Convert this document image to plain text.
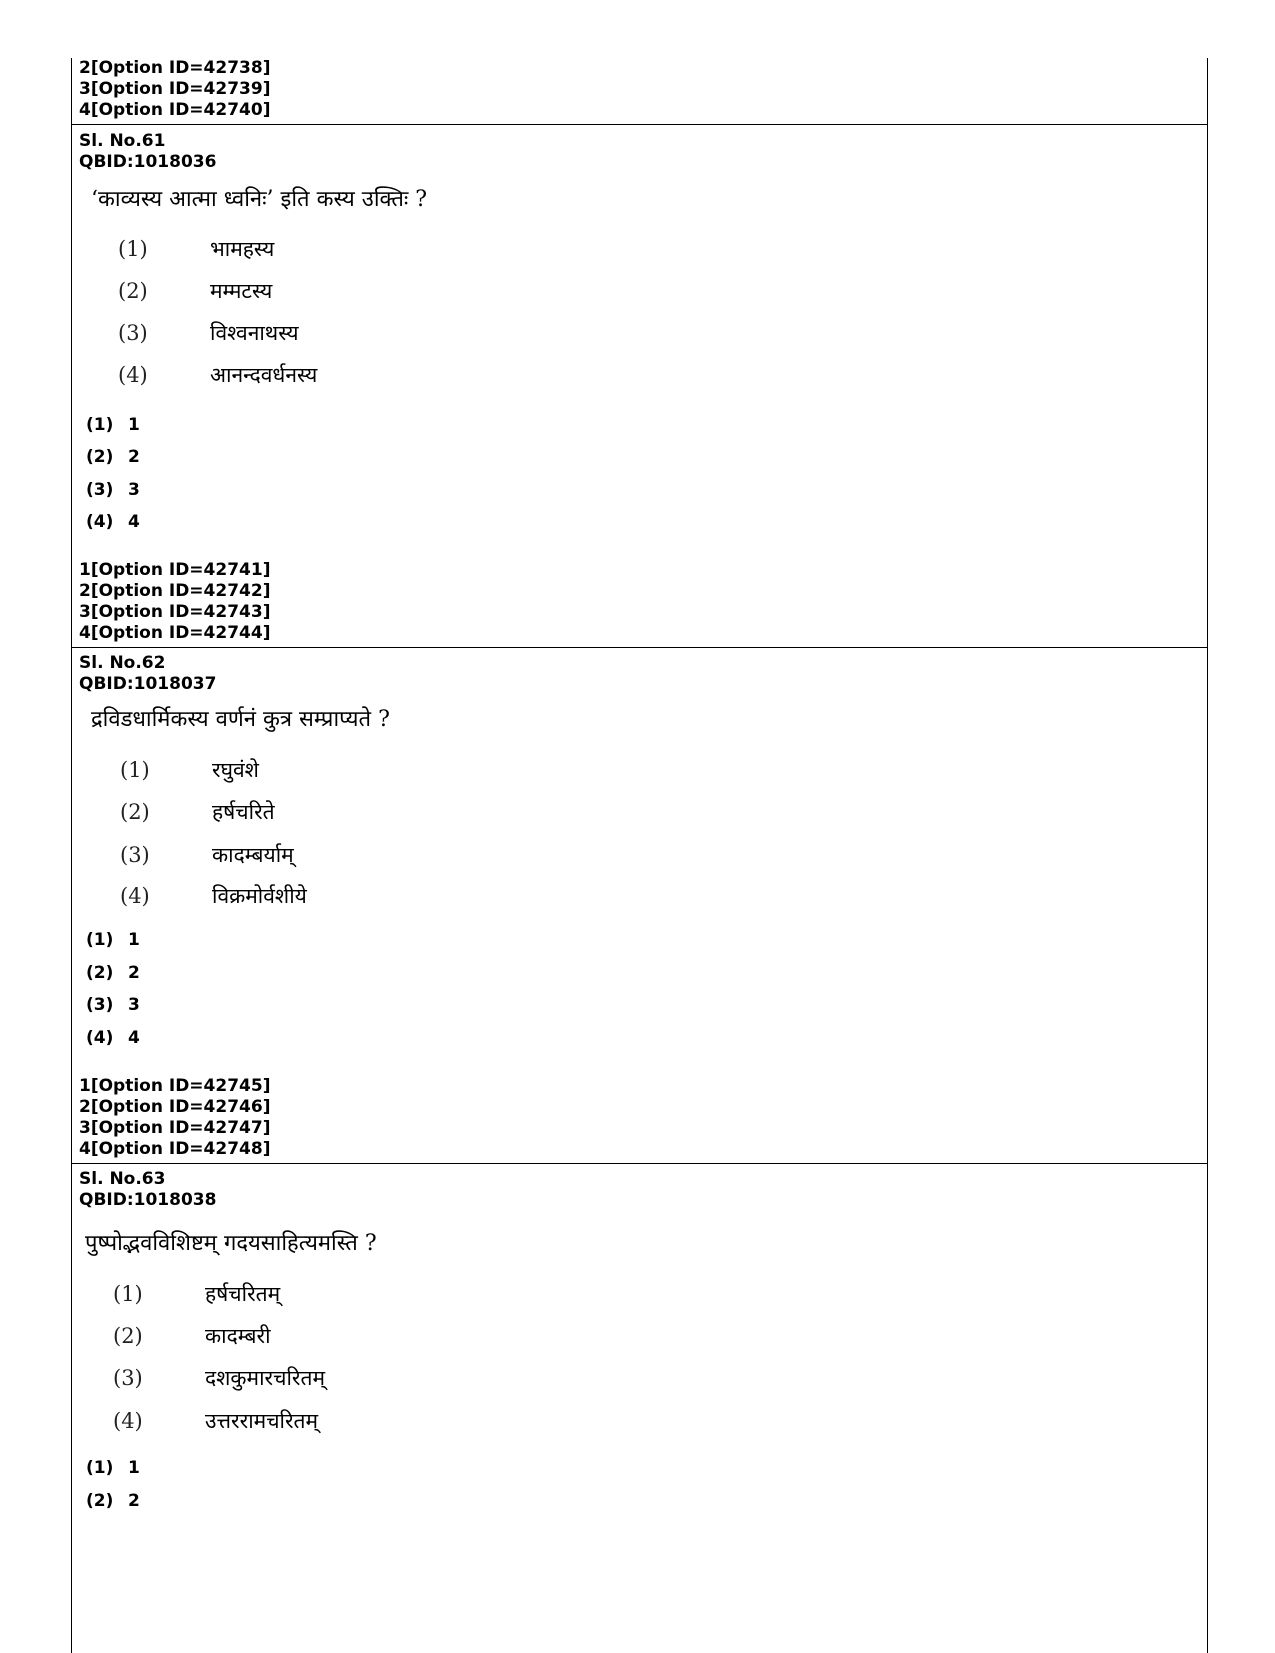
2[Option ID=42738]
3[Option ID=42739]
4[Option ID=42740]
Sl. No.61
QBID:1018036
‘काव्यस्य आत्मा ध्वनिः’ इति कस्य उक्तिः ?
(1)	भामहस्य
(2)	मम्मटस्य
(3)	विश्वनाथस्य
(4)	आनन्दवर्धनस्य
(1) 1
(2) 2
(3) 3
(4) 4
1[Option ID=42741]
2[Option ID=42742]
3[Option ID=42743]
4[Option ID=42744]
Sl. No.62
QBID:1018037
द्रविडधार्मिकस्य वर्णनं कुत्र सम्प्राप्यते ?
(1)	रघुवंशे
(2)	हर्षचरिते
(3)	कादम्बर्याम्
(4)	विक्रमोर्वशीये
(1) 1
(2) 2
(3) 3
(4) 4
1[Option ID=42745]
2[Option ID=42746]
3[Option ID=42747]
4[Option ID=42748]
Sl. No.63
QBID:1018038
पुष्पोद्भवविशिष्टम् गदयसाहित्यमस्ति ?
(1)	हर्षचरितम्
(2)	कादम्बरी
(3)	दशकुमारचरितम्
(4)	उत्तररामचरितम्
(1) 1
(2) 2
